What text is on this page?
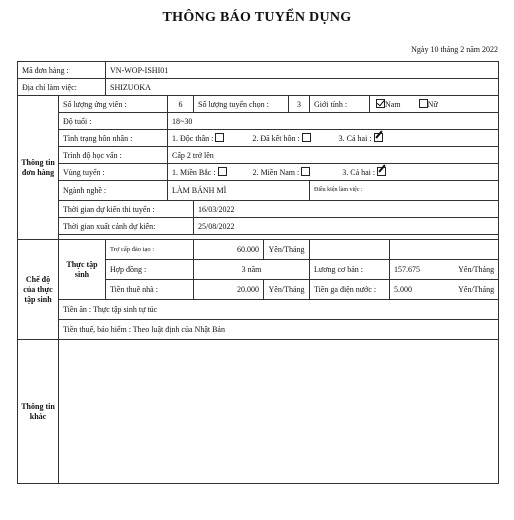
THÔNG BÁO TUYỂN DỤNG
Ngày 10 tháng 2 năm 2022
Mã đơn hàng :		VN-WOP-ISHI01								
Địa chỉ làm việc:		SHIZUOKA								
Thông tin đơn hàng	Số lượng ứng viên :		6	Số lượng tuyển chọn :		3	Giới tính :	Nam Nữ		
	Độ tuổi :		18~30							
	Tình trạng hôn nhân :		1. Độc thân : 2. Đã kết hôn : 3. Cả hai :							
	Trình độ học vấn :		Cấp 2 trở lên							
	Vùng tuyển :		1. Miền Bắc : 2. Miền Nam : 3. Cả hai :							
	Ngành nghề :		LÀM BÁNH MÌ				Điều kiện làm việc :	
	Thời gian dự kiến thi tuyển :			16/03/2022						
	Thời gian xuất cảnh dự kiến:			25/08/2022						

Chế độ của thực tập sinh	Thực tập sinh	Trợ cấp đào tạo :		60.000	Yên/Tháng					
		Hợp đồng :		3 năm			Lương cơ bản :		157.675 Yên/Tháng	

		Tiền thuê nhà :		20.000	Yên/Tháng		Tiền ga điện nước :		5.000 Yên/Tháng	

	Tiền ăn : Thực tập sinh tự túc									
	Tiền thuế, bảo hiểm : Theo luật định của Nhật Bản									
Thông tin khác										
